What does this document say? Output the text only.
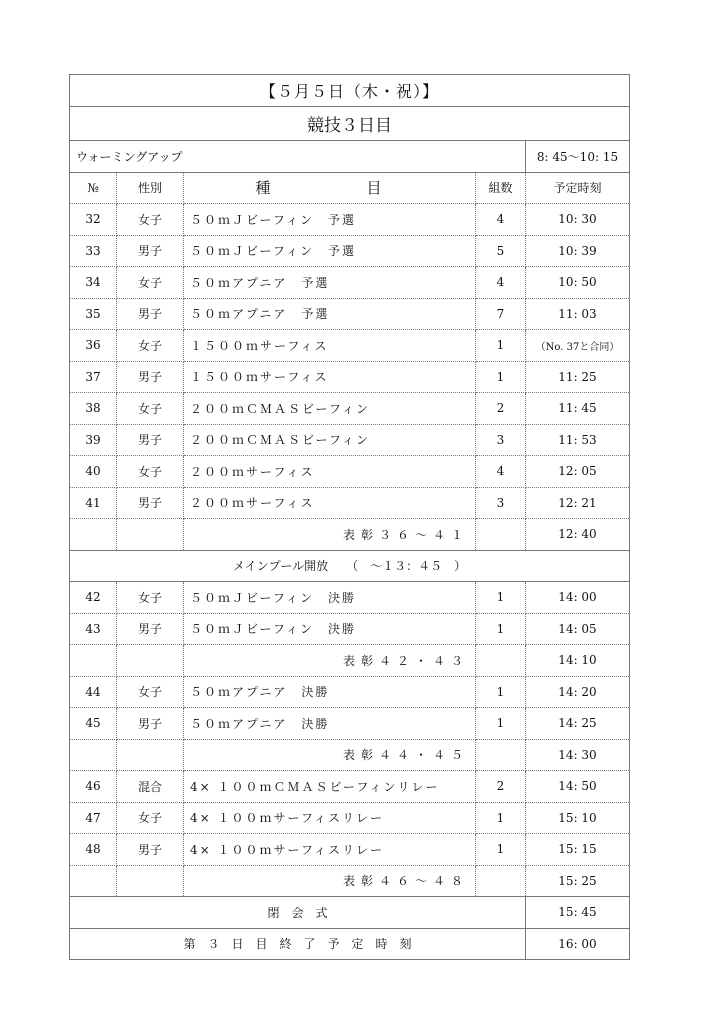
【５月５日（木・祝）】				
競技３日目				
ウォーミングアップ				8: 45〜10: 15
№	性別	種　　目	組数	予定時刻
32	女子	５０ｍＪビーフィン　予選	4	10: 30
33	男子	５０ｍＪビーフィン　予選	5	10: 39
34	女子	５０ｍアプニア　予選	4	10: 50
35	男子	５０ｍアプニア　予選	7	11: 03
36	女子	１５００ｍサーフィス	1	（No. 37と合同）
37	男子	１５００ｍサーフィス	1	11: 25
38	女子	２００ｍＣＭＡＳビーフィン	2	11: 45
39	男子	２００ｍＣＭＡＳビーフィン	3	11: 53
40	女子	２００ｍサーフィス	4	12: 05
41	男子	２００ｍサーフィス	3	12: 21
		表彰３６〜４１		12: 40
メインプール開放　　（　〜１３：４５　）				
42	女子	５０ｍＪビーフィン　決勝	1	14: 00
43	男子	５０ｍＪビーフィン　決勝	1	14: 05
		表彰４２・４３		14: 10
44	女子	５０ｍアプニア　決勝	1	14: 20
45	男子	５０ｍアプニア　決勝	1	14: 25
		表彰４４・４５		14: 30
46	混合	4× １００ｍＣＭＡＳビーフィンリレー	2	14: 50
47	女子	4× １００ｍサーフィスリレー	1	15: 10
48	男子	4× １００ｍサーフィスリレー	1	15: 15
		表彰４６〜４８		15: 25
閉　会　式				15: 45
第　３　日　目　終　了　予　定　時　刻				16: 00
